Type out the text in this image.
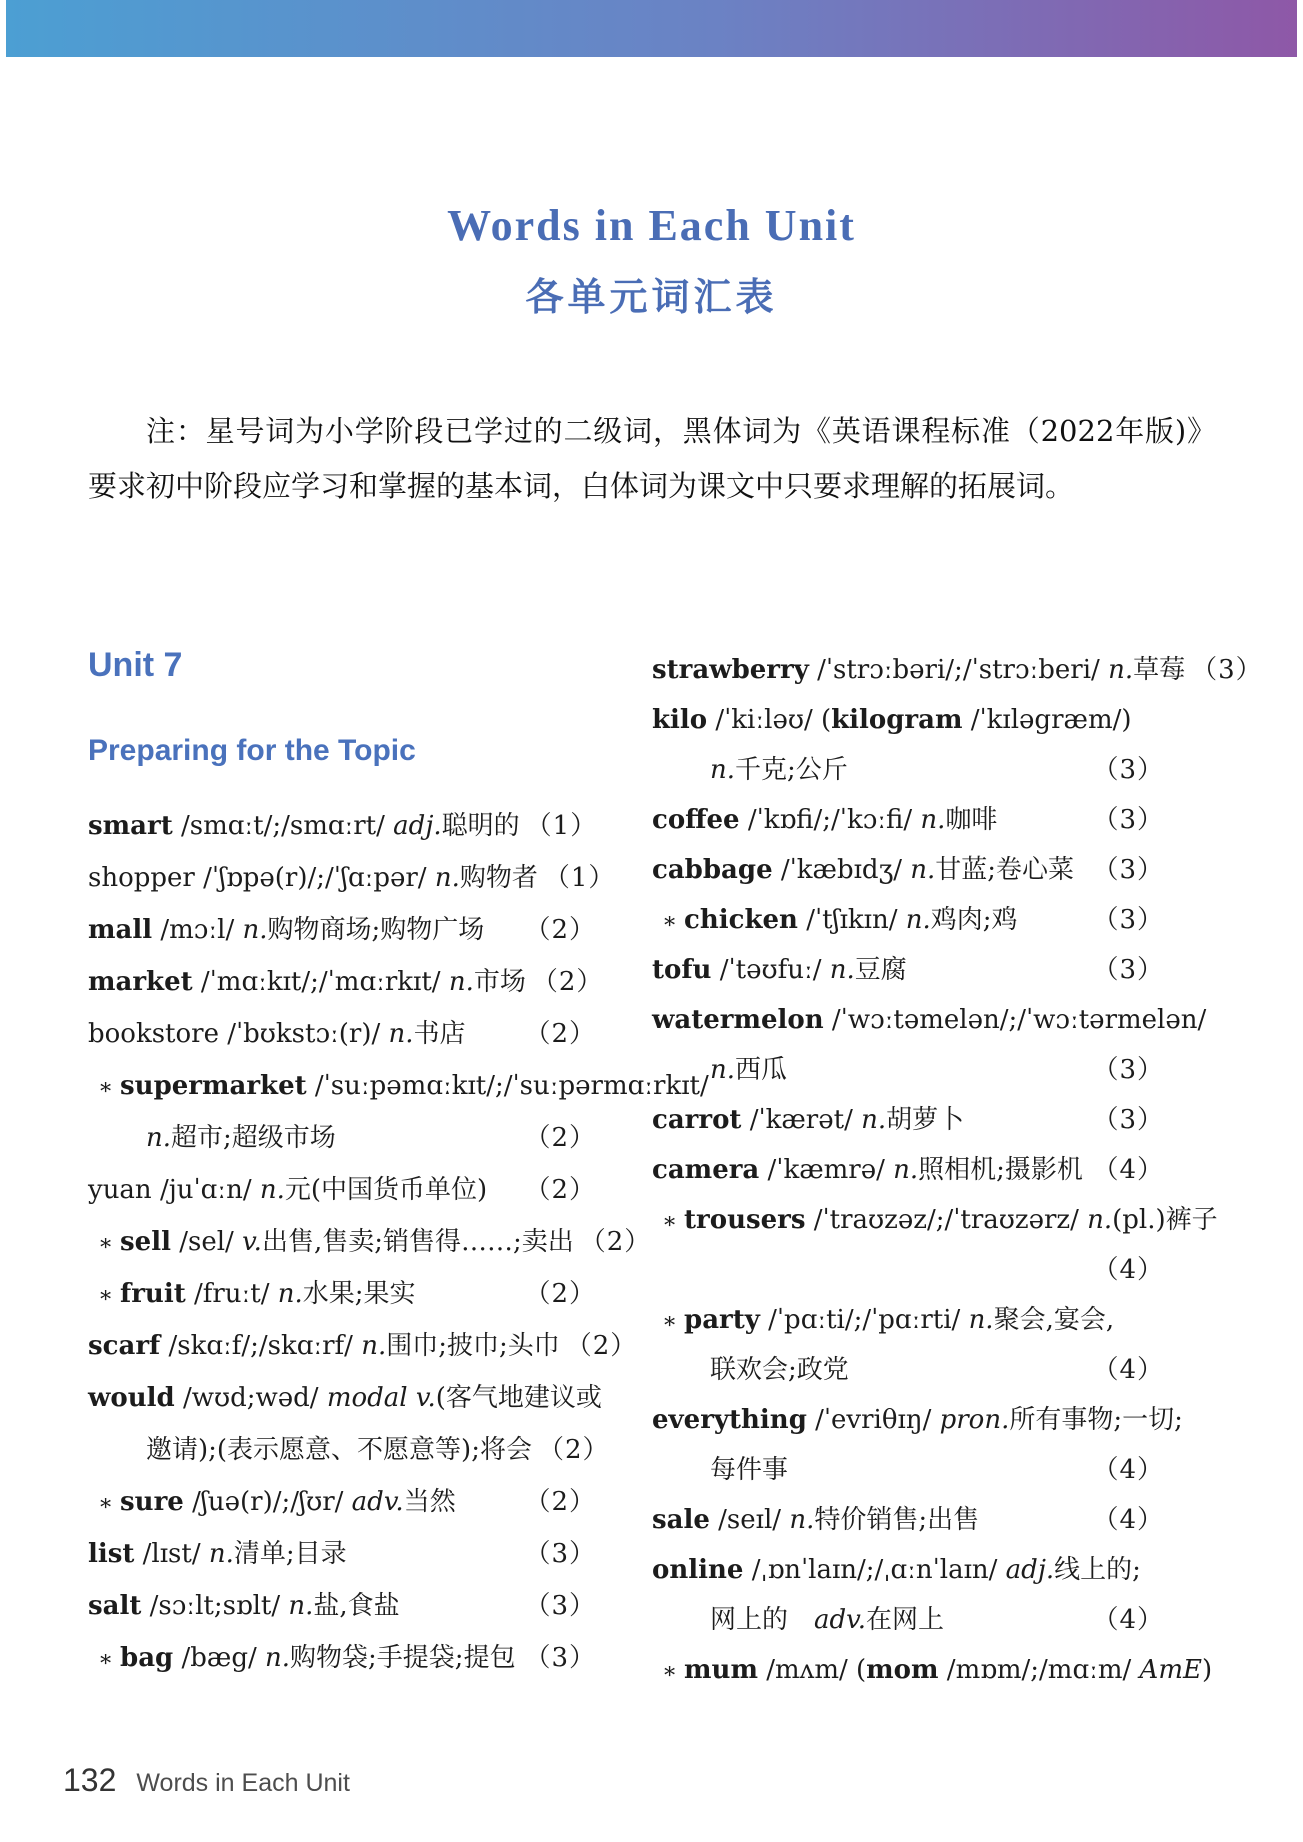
Words in Each Unit
各单元词汇表
注：星号词为小学阶段已学过的二级词，黑体词为《英语课程标准（2022年版)》要求初中阶段应学习和掌握的基本词，白体词为课文中只要求理解的拓展词。
Unit 7
Preparing for the Topic
smart /smɑːt/;/smɑːrt/ adj.聪明的 （1）
shopper /ˈʃɒpə(r)/;/ˈʃɑːpər/ n.购物者 （1）
mall /mɔːl/ n.购物商场;购物广场 （2）
market /ˈmɑːkɪt/;/ˈmɑːrkɪt/ n.市场 （2）
bookstore /ˈbʊkstɔː(r)/ n.书店 （2）
∗ supermarket /ˈsuːpəmɑːkɪt/;/ˈsuːpərmɑːrkɪt/
n.超市;超级市场	（2）
yuan /juˈɑːn/ n.元(中国货币单位) （2）
∗ sell /sel/ v.出售,售卖;销售得……;卖出 （2）
∗ fruit /fruːt/ n.水果;果实	（2）
scarf /skɑːf/;/skɑːrf/ n.围巾;披巾;头巾 （2）
would /wʊd;wəd/ modal v.(客气地建议或
邀请);(表示愿意、不愿意等);将会 （2）
∗ sure /ʃuə(r)/;/ʃʊr/ adv.当然	（2）
list /lɪst/ n.清单;目录	（3）
salt /sɔːlt;sɒlt/ n.盐,食盐	（3）
∗ bag /bæg/ n.购物袋;手提袋;提包 （3）
strawberry /ˈstrɔːbəri/;/ˈstrɔːberi/ n.草莓 （3）
kilo /ˈkiːləʊ/ (kilogram /ˈkɪləgræm/)
n.千克;公斤	（3）
coffee /ˈkɒfi/;/ˈkɔːfi/ n.咖啡	（3）
cabbage /ˈkæbɪdʒ/ n.甘蓝;卷心菜 （3）
∗ chicken /ˈtʃɪkɪn/ n.鸡肉;鸡	（3）
tofu /ˈtəʊfuː/ n.豆腐	（3）
watermelon /ˈwɔːtəmelən/;/ˈwɔːtərmelən/
n.西瓜	（3）
carrot /ˈkærət/ n.胡萝卜	（3）
camera /ˈkæmrə/ n.照相机;摄影机 （4）
∗ trousers /ˈtraʊzəz/;/ˈtraʊzərz/ n.(pl.)裤子
（4）
∗ party /ˈpɑːti/;/ˈpɑːrti/ n.聚会,宴会,
联欢会;政党	（4）
everything /ˈevriθɪŋ/ pron.所有事物;一切;
每件事	（4）
sale /seɪl/ n.特价销售;出售	（4）
online /ˌɒnˈlaɪn/;/ˌɑːnˈlaɪn/ adj.线上的;
网上的　adv.在网上	（4）
∗ mum /mʌm/ (mom /mɒm/;/mɑːm/ AmE)
132 Words in Each Unit
